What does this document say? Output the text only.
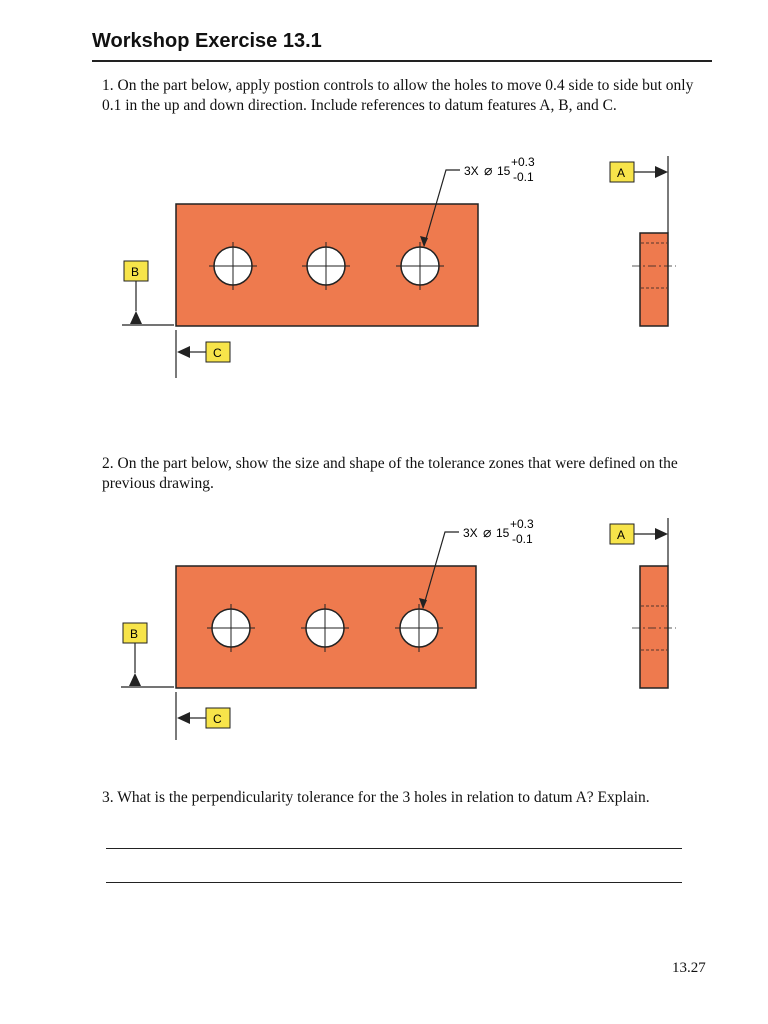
Workshop Exercise 13.1
1. On the part below, apply postion controls to allow the holes to move 0.4 side to side but only 0.1 in the up and down direction. Include references to datum features A, B, and C.
3X ⌀ 15
+0.3
-0.1
B
C
A
2. On the part below, show the size and shape of the tolerance zones that were defined on the previous drawing.
3X ⌀ 15
+0.3
-0.1
B
C
A
3. What is the perpendicularity tolerance for the 3 holes in relation to datum A? Explain.
13.27
